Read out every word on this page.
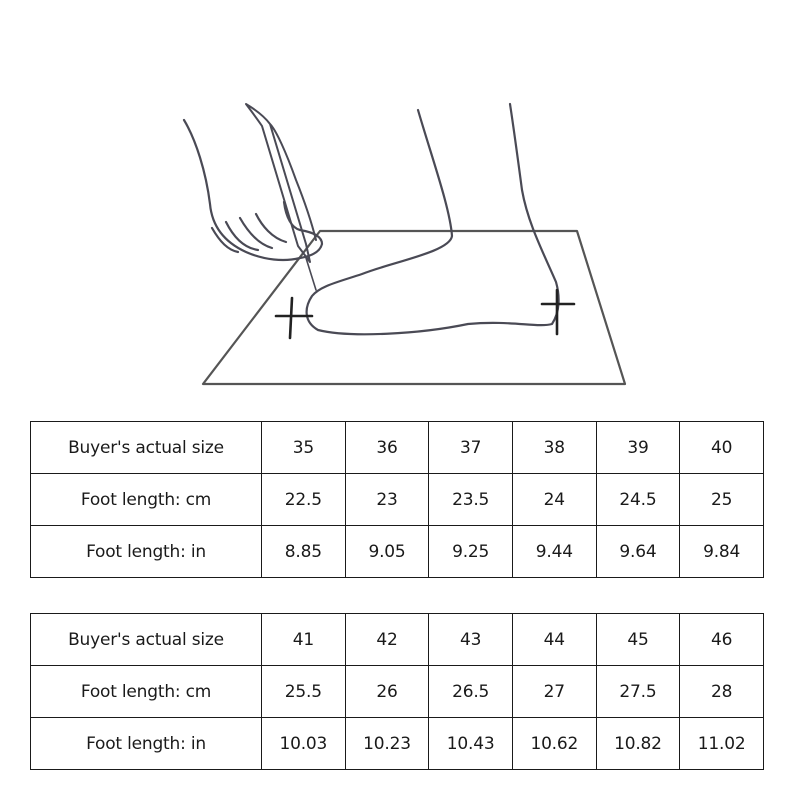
Buyer's actual size	35	36	37	38	39	40
Foot length: cm	22.5	23	23.5	24	24.5	25
Foot length: in	8.85	9.05	9.25	9.44	9.64	9.84
Buyer's actual size	41	42	43	44	45	46
Foot length: cm	25.5	26	26.5	27	27.5	28
Foot length: in	10.03	10.23	10.43	10.62	10.82	11.02
